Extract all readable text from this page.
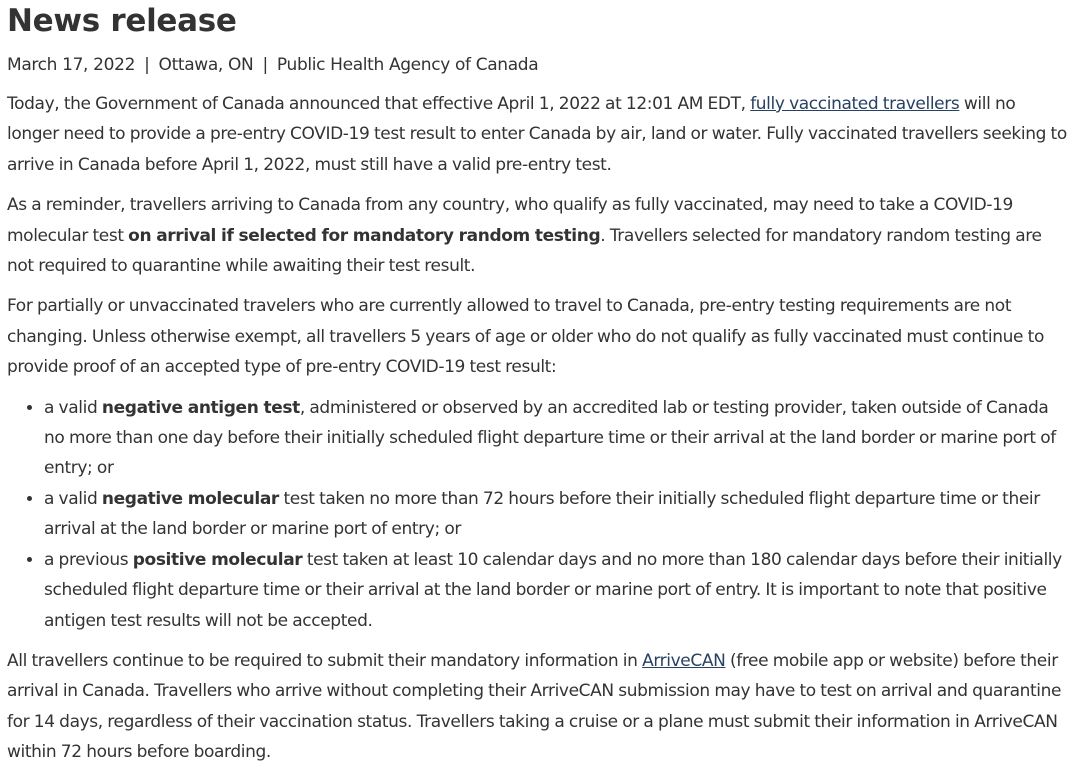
News release
March 17, 2022 | Ottawa, ON | Public Health Agency of Canada

Today, the Government of Canada announced that effective April 1, 2022 at 12:01 AM EDT, fully vaccinated travellers will no longer need to provide a pre-entry COVID-19 test result to enter Canada by air, land or water. Fully vaccinated travellers seeking to arrive in Canada before April 1, 2022, must still have a valid pre-entry test.

As a reminder, travellers arriving to Canada from any country, who qualify as fully vaccinated, may need to take a COVID-19 molecular test on arrival if selected for mandatory random testing. Travellers selected for mandatory random testing are not required to quarantine while awaiting their test result.

For partially or unvaccinated travelers who are currently allowed to travel to Canada, pre-entry testing requirements are not changing. Unless otherwise exempt, all travellers 5 years of age or older who do not qualify as fully vaccinated must continue to provide proof of an accepted type of pre-entry COVID-19 test result:

• a valid negative antigen test, administered or observed by an accredited lab or testing provider, taken outside of Canada no more than one day before their initially scheduled flight departure time or their arrival at the land border or marine port of entry; or
• a valid negative molecular test taken no more than 72 hours before their initially scheduled flight departure time or their arrival at the land border or marine port of entry; or
• a previous positive molecular test taken at least 10 calendar days and no more than 180 calendar days before their initially scheduled flight departure time or their arrival at the land border or marine port of entry. It is important to note that positive antigen test results will not be accepted.

All travellers continue to be required to submit their mandatory information in ArriveCAN (free mobile app or website) before their arrival in Canada. Travellers who arrive without completing their ArriveCAN submission may have to test on arrival and quarantine for 14 days, regardless of their vaccination status. Travellers taking a cruise or a plane must submit their information in ArriveCAN within 72 hours before boarding.
